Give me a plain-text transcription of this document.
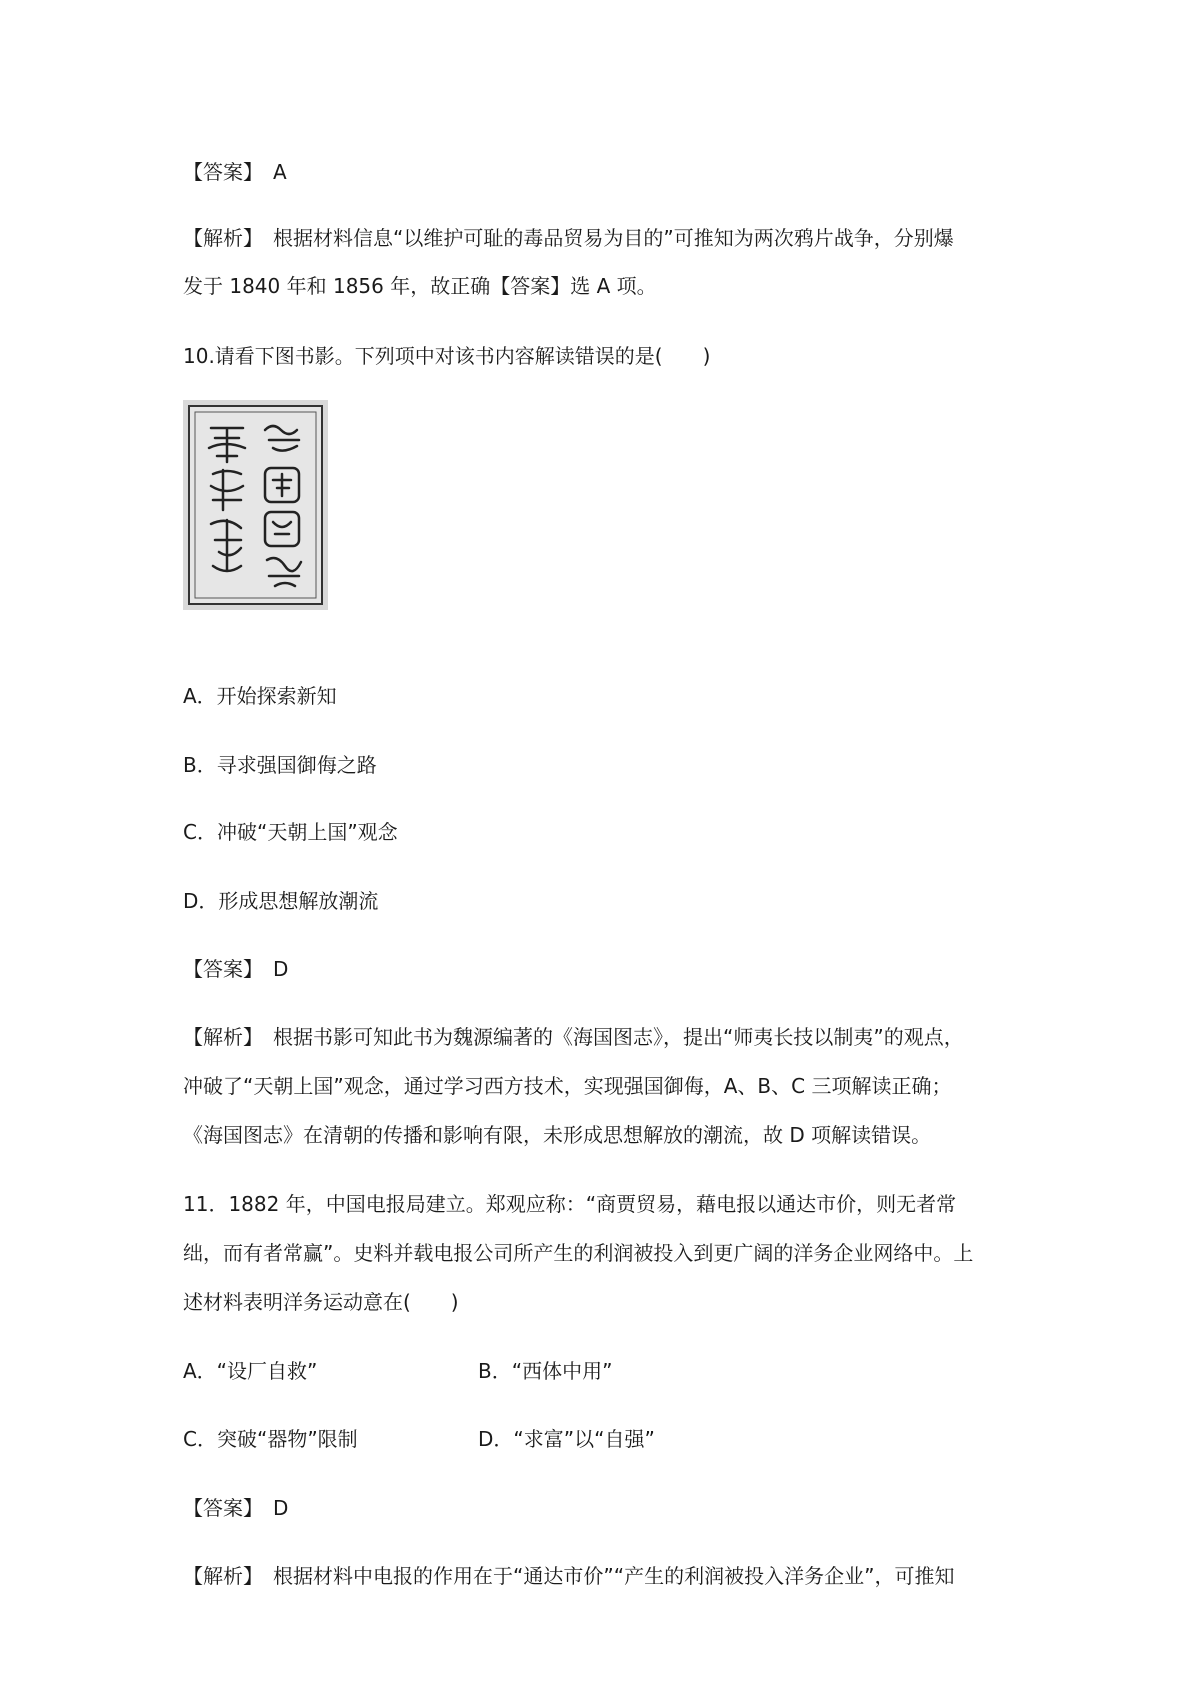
【答案】　A
【解析】　根据材料信息“以维护可耻的毒品贸易为目的”可推知为两次鸦片战争，分别爆
发于 1840 年和 1856 年，故正确【答案】选 A 项。
10.请看下图书影。下列项中对该书内容解读错误的是(　　)
A．开始探索新知
B．寻求强国御侮之路
C．冲破“天朝上国”观念
D．形成思想解放潮流
【答案】　D
【解析】　根据书影可知此书为魏源编著的《海国图志》，提出“师夷长技以制夷”的观点，
冲破了“天朝上国”观念，通过学习西方技术，实现强国御侮，A、B、C 三项解读正确；
《海国图志》在清朝的传播和影响有限，未形成思想解放的潮流，故 D 项解读错误。
11．1882 年，中国电报局建立。郑观应称：“商贾贸易，藉电报以通达市价，则无者常
绌，而有者常赢”。史料并载电报公司所产生的利润被投入到更广阔的洋务企业网络中。上
述材料表明洋务运动意在(　　)
A．“设厂自救”	B．“西体中用”
C．突破“器物”限制	D．“求富”以“自强”
【答案】　D
【解析】　根据材料中电报的作用在于“通达市价”“产生的利润被投入洋务企业”，可推知
